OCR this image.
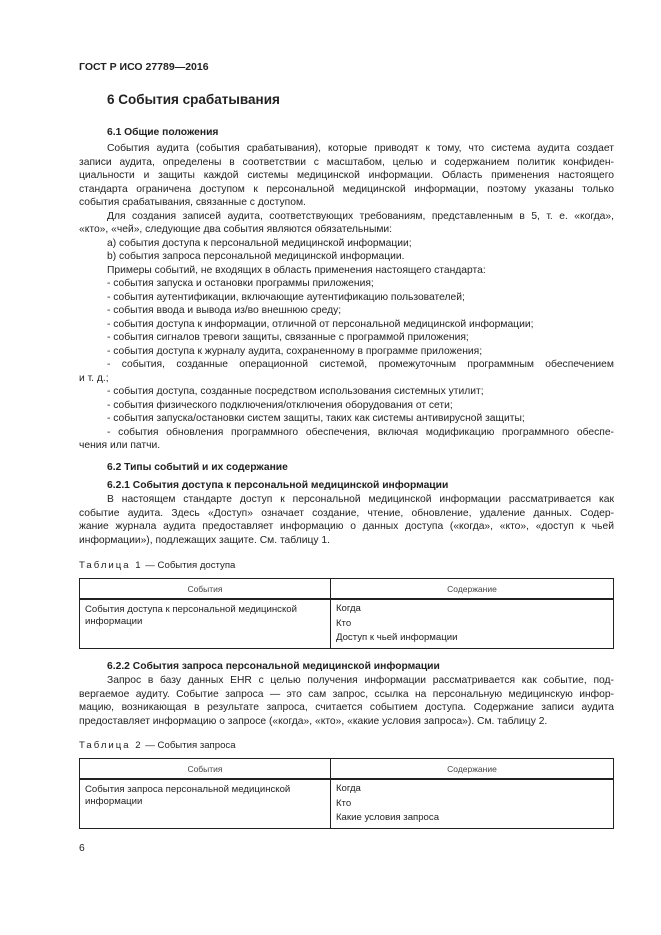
ГОСТ Р ИСО 27789—2016
6 События срабатывания
6.1 Общие положения
События аудита (события срабатывания), которые приводят к тому, что система аудита создает
записи аудита, определены в соответствии с масштабом, целью и содержанием политик конфиден-
циальности и защиты каждой системы медицинской информации. Область применения настоящего
стандарта ограничена доступом к персональной медицинской информации, поэтому указаны только
события срабатывания, связанные с доступом.
Для создания записей аудита, соответствующих требованиям, представленным в 5, т. е. «когда»,
«кто», «чей», следующие два события являются обязательными:
a) события доступа к персональной медицинской информации;
b) события запроса персональной медицинской информации.
Примеры событий, не входящих в область применения настоящего стандарта:
- события запуска и остановки программы приложения;
- события аутентификации, включающие аутентификацию пользователей;
- события ввода и вывода из/во внешнюю среду;
- события доступа к информации, отличной от персональной медицинской информации;
- события сигналов тревоги защиты, связанные с программой приложения;
- события доступа к журналу аудита, сохраненному в программе приложения;
- события, созданные операционной системой, промежуточным программным обеспечением
и т. д.;
- события доступа, созданные посредством использования системных утилит;
- события физического подключения/отключения оборудования от сети;
- события запуска/остановки систем защиты, таких как системы антивирусной защиты;
- события обновления программного обеспечения, включая модификацию программного обеспе-
чения или патчи.
6.2 Типы событий и их содержание
6.2.1 События доступа к персональной медицинской информации
В настоящем стандарте доступ к персональной медицинской информации рассматривается как
событие аудита. Здесь «Доступ» означает создание, чтение, обновление, удаление данных. Содер-
жание журнала аудита предоставляет информацию о данных доступа («когда», «кто», «доступ к чьей
информации»), подлежащих защите. См. таблицу 1.
Таблица 1 — События доступа
События	Содержание
События доступа к персональной медицинской информации	Когда
Кто
Доступ к чьей информации
6.2.2 События запроса персональной медицинской информации
Запрос в базу данных EHR с целью получения информации рассматривается как событие, под-
вергаемое аудиту. Событие запроса — это сам запрос, ссылка на персональную медицинскую инфор-
мацию, возникающая в результате запроса, считается событием доступа. Содержание записи аудита
предоставляет информацию о запросе («когда», «кто», «какие условия запроса»). См. таблицу 2.
Таблица 2 — События запроса
События	Содержание
События запроса персональной медицинской информации	Когда
Кто
Какие условия запроса
6
